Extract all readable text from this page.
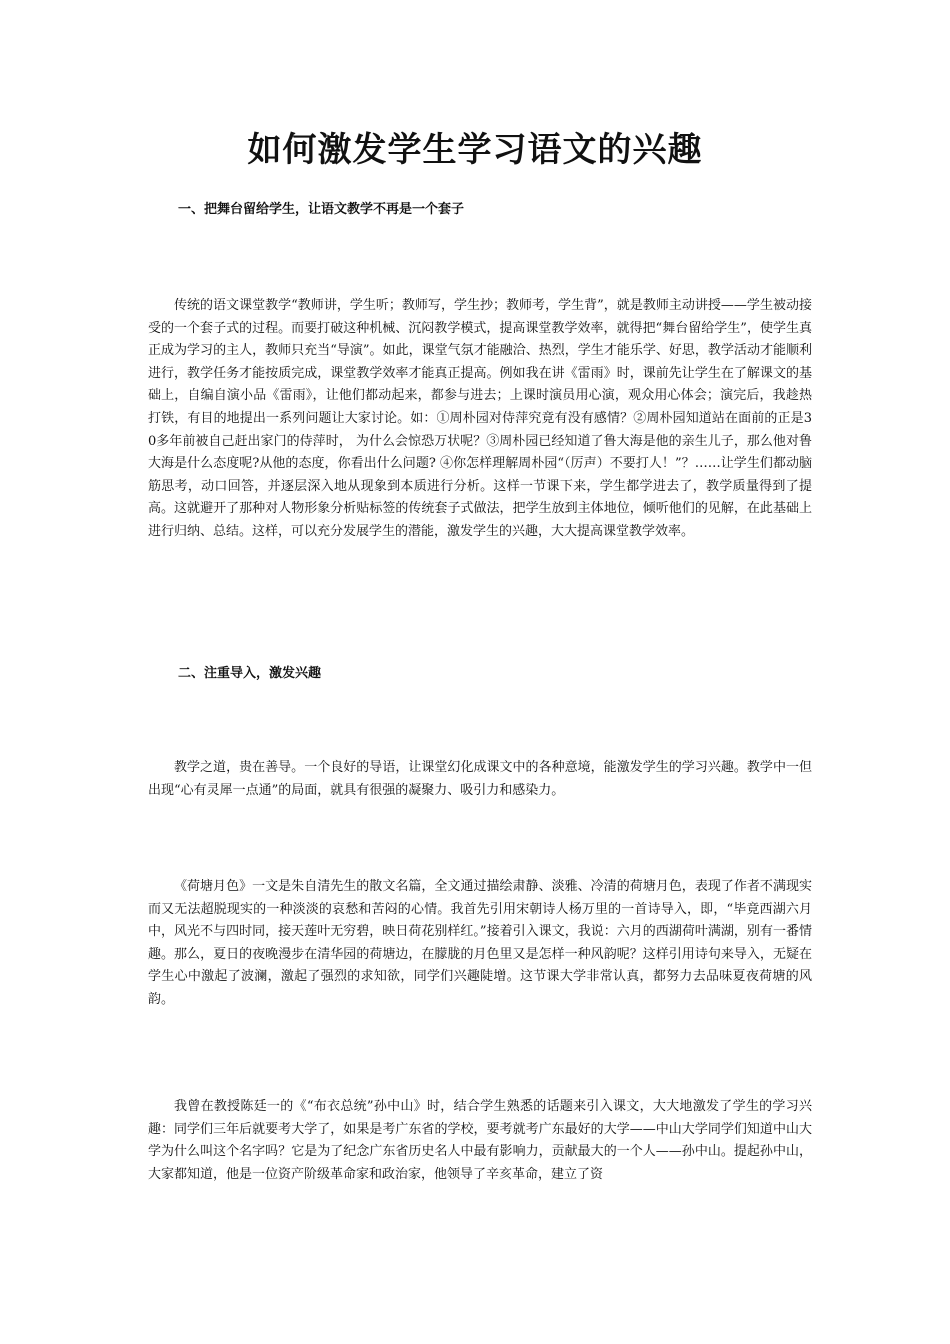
如何激发学生学习语文的兴趣
一、把舞台留给学生，让语文教学不再是一个套子

传统的语文课堂教学“教师讲，学生听；教师写，学生抄；教师考，学生背”，就是教师主动讲授——学生被动接受的一个套子式的过程。而要打破这种机械、沉闷教学模式，提高课堂教学效率，就得把“舞台留给学生”，使学生真正成为学习的主人，教师只充当“导演”。如此，课堂气氛才能融洽、热烈，学生才能乐学、好思，教学活动才能顺利进行，教学任务才能按质完成，课堂教学效率才能真正提高。例如我在讲《雷雨》时，课前先让学生在了解课文的基础上，自编自演小品《雷雨》，让他们都动起来，都参与进去；上课时演员用心演，观众用心体会；演完后，我趁热打铁，有目的地提出一系列问题让大家讨论。如：①周朴园对侍萍究竟有没有感情？②周朴园知道站在面前的正是30多年前被自己赶出家门的侍萍时， 为什么会惊恐万状呢？③周朴园已经知道了鲁大海是他的亲生儿子，那么他对鲁大海是什么态度呢?从他的态度，你看出什么问题? ④你怎样理解周朴园“（厉声）不要打人！”？……让学生们都动脑筋思考，动口回答，并逐层深入地从现象到本质进行分析。这样一节课下来，学生都学进去了，教学质量得到了提高。这就避开了那种对人物形象分析贴标签的传统套子式做法，把学生放到主体地位，倾听他们的见解，在此基础上进行归纳、总结。这样，可以充分发展学生的潜能，激发学生的兴趣，大大提高课堂教学效率。

二、注重导入，激发兴趣

教学之道，贵在善导。一个良好的导语，让课堂幻化成课文中的各种意境，能激发学生的学习兴趣。教学中一但出现“心有灵犀一点通”的局面，就具有很强的凝聚力、吸引力和感染力。

《荷塘月色》一文是朱自清先生的散文名篇，全文通过描绘肃静、淡雅、冷清的荷塘月色，表现了作者不满现实而又无法超脱现实的一种淡淡的哀愁和苦闷的心情。我首先引用宋朝诗人杨万里的一首诗导入，即，“毕竟西湖六月中，风光不与四时同，接天莲叶无穷碧，映日荷花别样红。”接着引入课文，我说：六月的西湖荷叶满湖，别有一番情趣。那么，夏日的夜晚漫步在清华园的荷塘边，在朦胧的月色里又是怎样一种风韵呢？这样引用诗句来导入，无疑在学生心中激起了波澜，激起了强烈的求知欲，同学们兴趣陡增。这节课大学非常认真，都努力去品味夏夜荷塘的风韵。

我曾在教授陈廷一的《“布衣总统”孙中山》时，结合学生熟悉的话题来引入课文，大大地激发了学生的学习兴趣：同学们三年后就要考大学了，如果是考广东省的学校，要考就考广东最好的大学——中山大学同学们知道中山大学为什么叫这个名字吗？它是为了纪念广东省历史名人中最有影响力，贡献最大的一个人——孙中山。提起孙中山，大家都知道，他是一位资产阶级革命家和政治家，他领导了辛亥革命，建立了资
